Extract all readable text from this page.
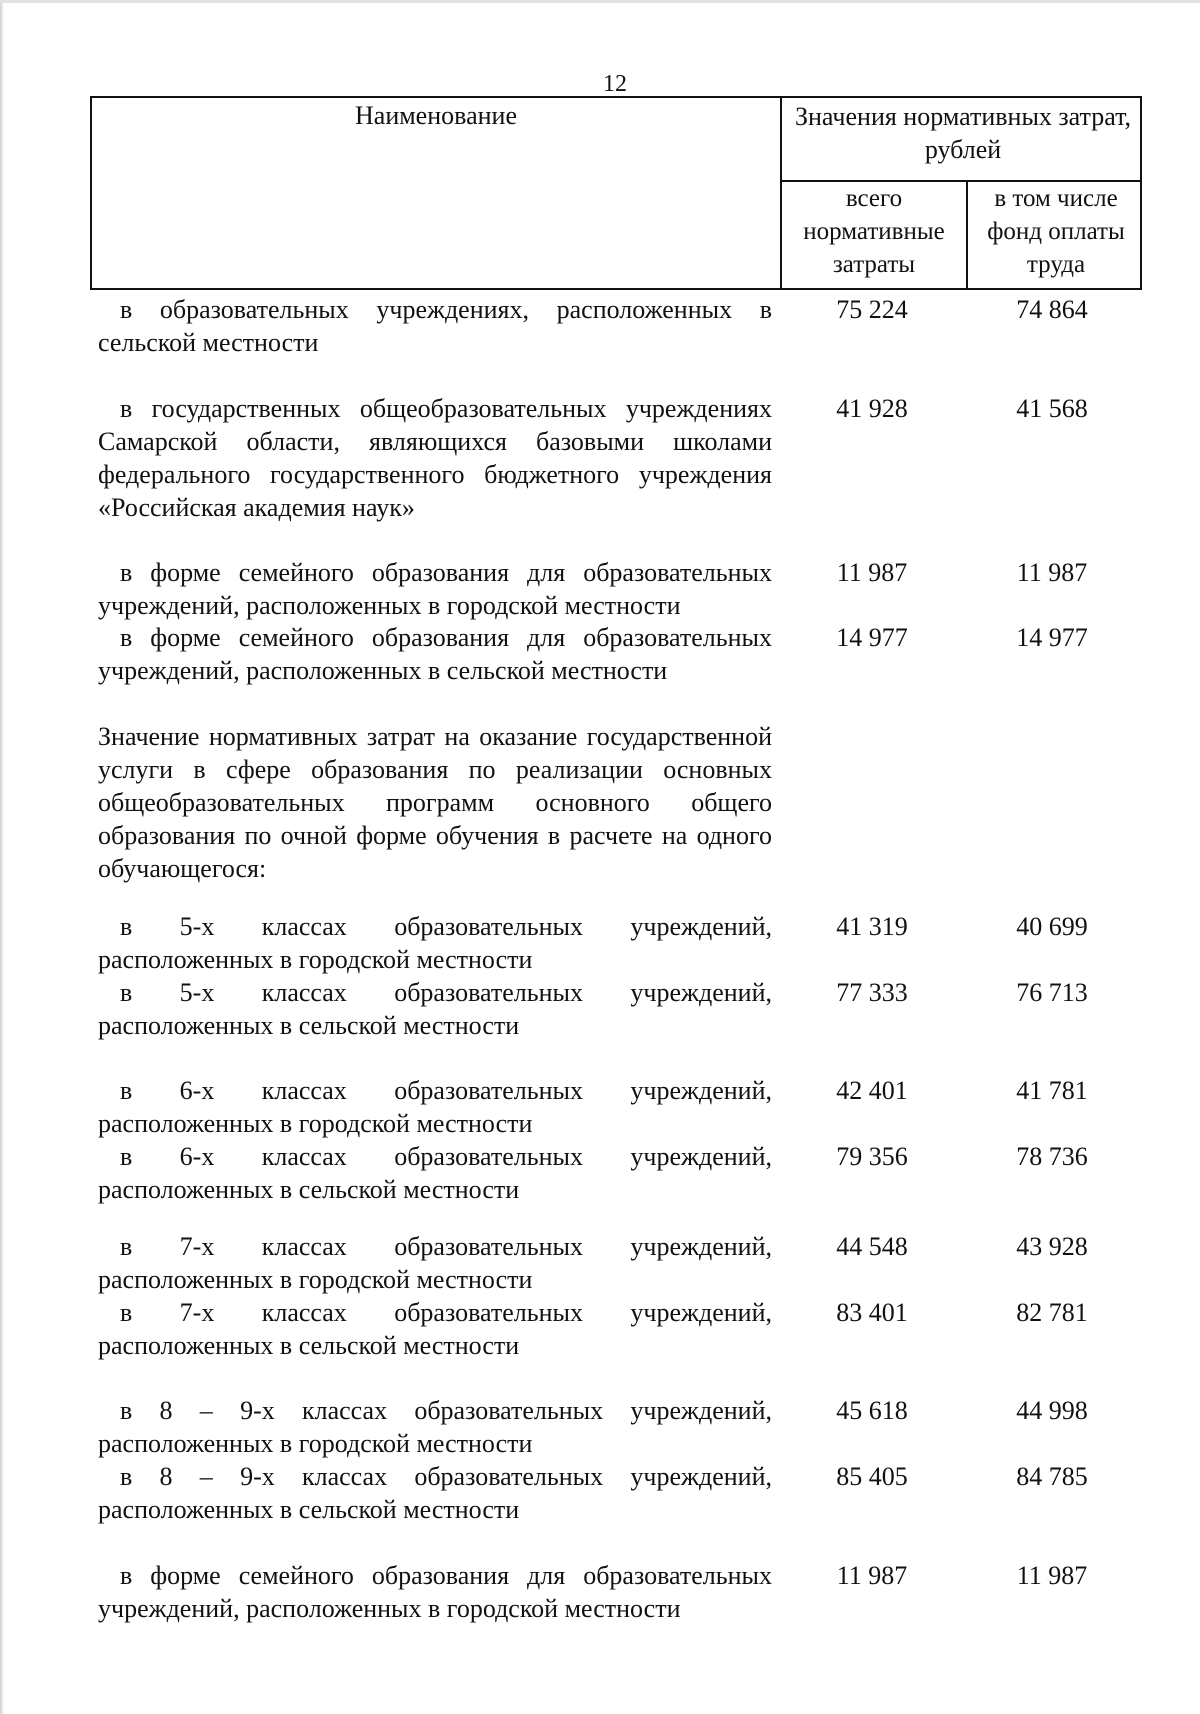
12
Наименование	Значения нормативных затрат, рублей
всего нормативные затраты
в том числе фонд оплаты труда
в образовательных учреждениях, расположенных в сельской местности
75 224	74 864
в государственных общеобразовательных учреждениях Самарской области, являющихся базовыми школами федерального государственного бюджетного учреждения «Российская академия наук»
41 928	41 568
в форме семейного образования для образовательных учреждений, расположенных в городской местности
11 987	11 987
в форме семейного образования для образовательных учреждений, расположенных в сельской местности
14 977	14 977
Значение нормативных затрат на оказание государственной услуги в сфере образования по реализации основных общеобразовательных программ основного общего образования по очной форме обучения в расчете на одного обучающегося:
в 5-х классах образовательных учреждений, расположенных в городской местности
41 319	40 699
в 5-х классах образовательных учреждений, расположенных в сельской местности
77 333	76 713
в 6-х классах образовательных учреждений, расположенных в городской местности
42 401	41 781
в 6-х классах образовательных учреждений, расположенных в сельской местности
79 356	78 736
в 7-х классах образовательных учреждений, расположенных в городской местности
44 548	43 928
в 7-х классах образовательных учреждений, расположенных в сельской местности
83 401	82 781
в 8 – 9-х классах образовательных учреждений, расположенных в городской местности
45 618	44 998
в 8 – 9-х классах образовательных учреждений, расположенных в сельской местности
85 405	84 785
в форме семейного образования для образовательных учреждений, расположенных в городской местности
11 987	11 987
